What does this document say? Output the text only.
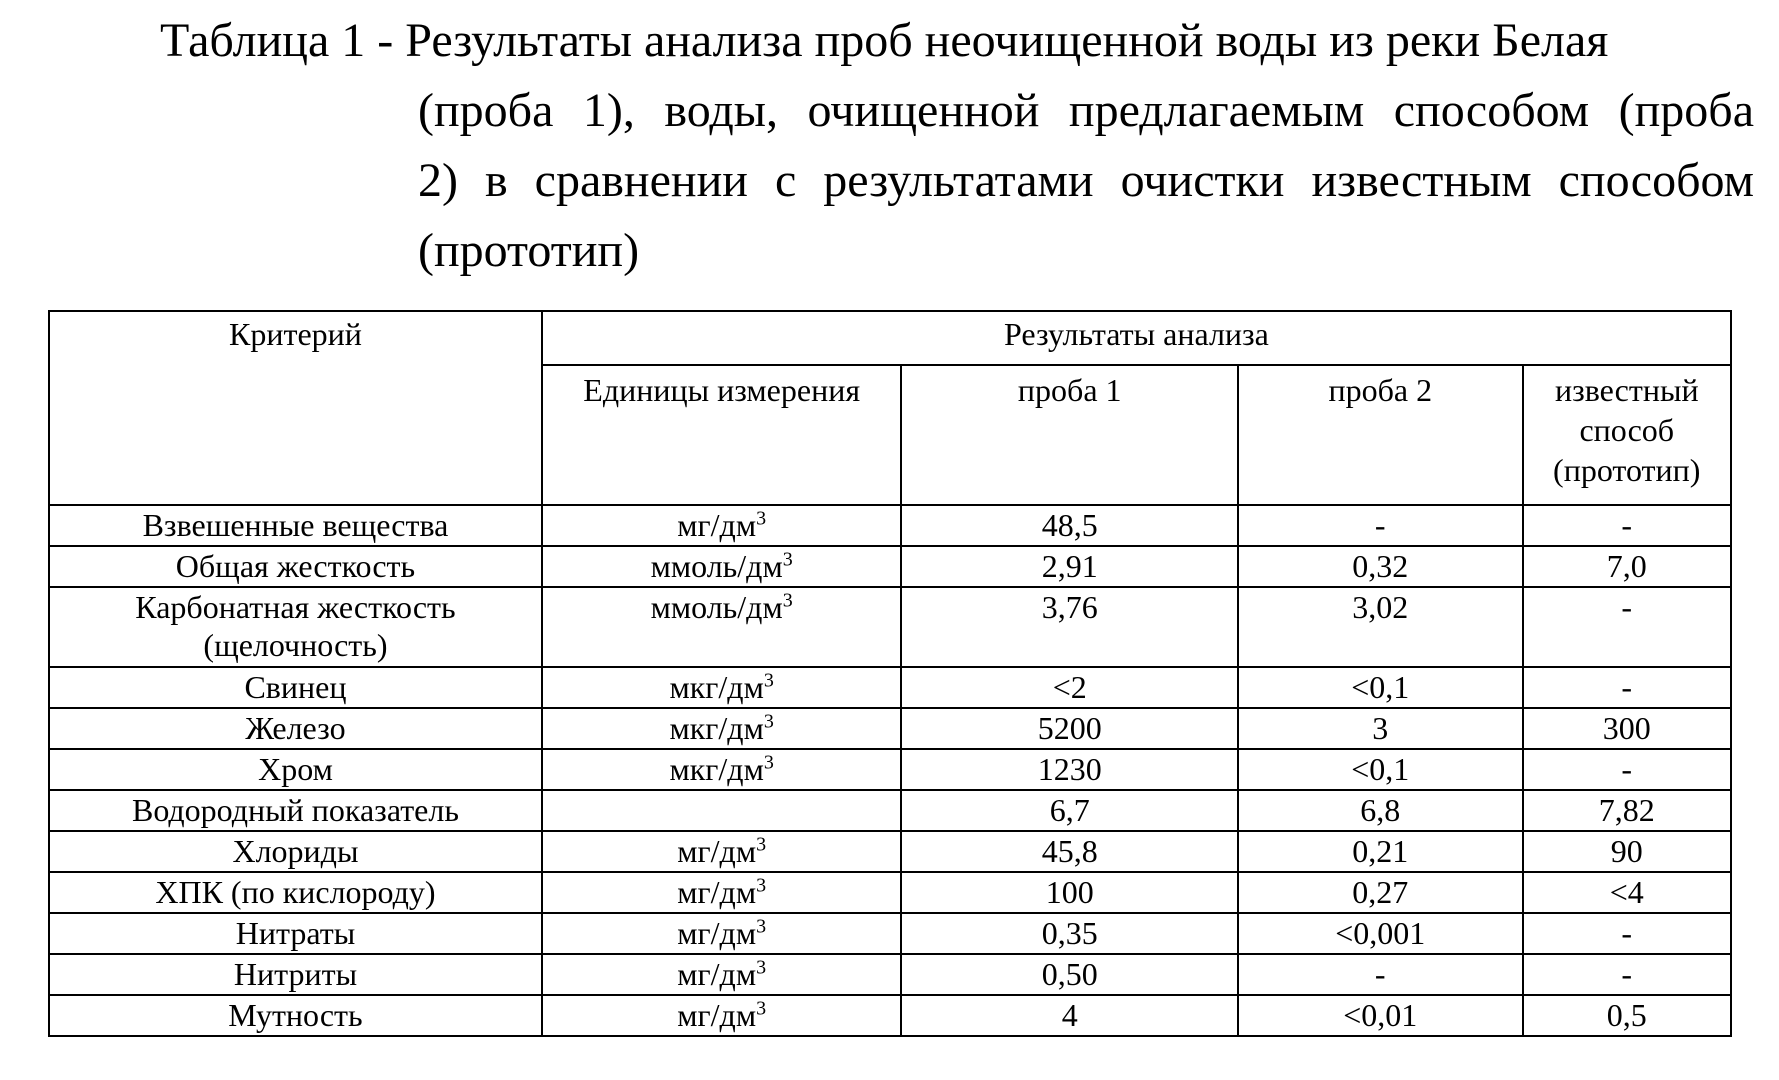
Таблица 1 - Результаты анализа проб неочищенной воды из реки Белая
(проба 1), воды, очищенной предлагаемым способом (проба
2) в сравнении с результатами очистки известным способом
(прототип)
Критерий	Результаты анализа			
	Единицы измерения	проба 1	проба 2	известный
способ
(прототип)
Взвешенные вещества	$мг/дм^3$	48,5	-	-
Общая жесткость	ммоль/$дм^3$	2,91	0,32	7,0
Карбонатная жесткость
(щелочность)	ммоль/$дм^3$	3,76	3,02	-
Свинец	мкг/$дм^3$	<2	<0,1	-
Железо	мкг/$дм^3$	5200	3	300
Хром	мкг/$дм^3$	1230	<0,1	-
Водородный показатель		6,7	6,8	7,82
Хлориды	$мг/дм^3$	45,8	0,21	90
ХПК (по кислороду)	$мг/дм^3$	100	0,27	<4
Нитраты	$мг/дм^3$	0,35	<0,001	-
Нитриты	$мг/дм^3$	0,50	-	-
Мутность	$мг/дм^3$	4	<0,01	0,5
